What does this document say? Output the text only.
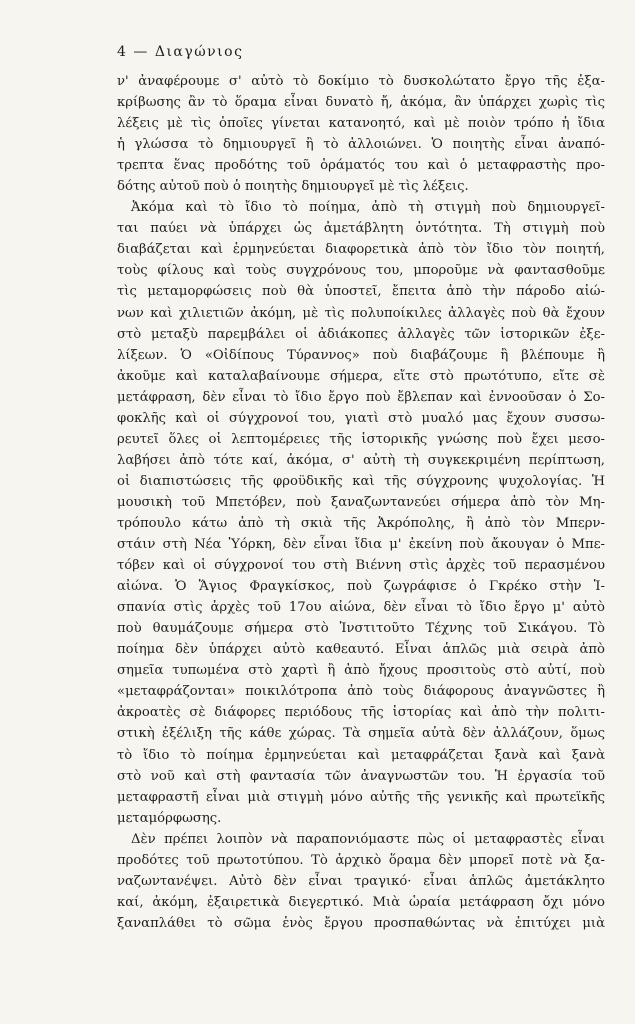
4 — Διαγώνιος
ν' ἀναφέρουμε σ' αὐτὸ τὸ δοκίμιο τὸ δυσκολώτατο ἔργο τῆς ἐξα-
κρίβωσης ἂν τὸ ὅραμα εἶναι δυνατὸ ἤ, ἀκόμα, ἂν ὑπάρχει χωρὶς τὶς
λέξεις μὲ τὶς ὁποῖες γίνεται κατανοητό, καὶ μὲ ποιὸν τρόπο ἡ ἴδια
ἡ γλώσσα τὸ δημιουργεῖ ἢ τὸ ἀλλοιώνει. Ὁ ποιητὴς εἶναι ἀναπό-
τρεπτα ἕνας προδότης τοῦ ὁράματός του καὶ ὁ μεταφραστὴς προ-
δότης αὐτοῦ ποὺ ὁ ποιητὴς δημιουργεῖ μὲ τὶς λέξεις.
Ἀκόμα καὶ τὸ ἴδιο τὸ ποίημα, ἀπὸ τὴ στιγμὴ ποὺ δημιουργεῖ-
ται παύει νὰ ὑπάρχει ὡς ἀμετάβλητη ὀντότητα. Τὴ στιγμὴ ποὺ
διαβάζεται καὶ ἑρμηνεύεται διαφορετικὰ ἀπὸ τὸν ἴδιο τὸν ποιητή,
τοὺς φίλους καὶ τοὺς συγχρόνους του, μποροῦμε νὰ φαντασθοῦμε
τὶς μεταμορφώσεις ποὺ θὰ ὑποστεῖ, ἔπειτα ἀπὸ τὴν πάροδο αἰώ-
νων καὶ χιλιετιῶν ἀκόμη, μὲ τὶς πολυποίκιλες ἀλλαγὲς ποὺ θὰ ἔχουν
στὸ μεταξὺ παρεμβάλει οἱ ἀδιάκοπες ἀλλαγὲς τῶν ἱστορικῶν ἐξε-
λίξεων. Ὁ «Οἰδίπους Τύραννος» ποὺ διαβάζουμε ἢ βλέπουμε ἢ
ἀκοῦμε καὶ καταλαβαίνουμε σήμερα, εἴτε στὸ πρωτότυπο, εἴτε σὲ
μετάφραση, δὲν εἶναι τὸ ἴδιο ἔργο ποὺ ἔβλεπαν καὶ ἐννοοῦσαν ὁ Σο-
φοκλῆς καὶ οἱ σύγχρονοί του, γιατὶ στὸ μυαλό μας ἔχουν συσσω-
ρευτεῖ ὅλες οἱ λεπτομέρειες τῆς ἱστορικῆς γνώσης ποὺ ἔχει μεσο-
λαβήσει ἀπὸ τότε καί, ἀκόμα, σ' αὐτὴ τὴ συγκεκριμένη περίπτωση,
οἱ διαπιστώσεις τῆς φροϋδικῆς καὶ τῆς σύγχρονης ψυχολογίας. Ἡ
μουσικὴ τοῦ Μπετόβεν, ποὺ ξαναζωντανεύει σήμερα ἀπὸ τὸν Μη-
τρόπουλο κάτω ἀπὸ τὴ σκιὰ τῆς Ἀκρόπολης, ἢ ἀπὸ τὸν Μπερν-
στάιν στὴ Νέα Ὑόρκη, δὲν εἶναι ἴδια μ' ἐκείνη ποὺ ἄκουγαν ὁ Μπε-
τόβεν καὶ οἱ σύγχρονοί του στὴ Βιέννη στὶς ἀρχὲς τοῦ περασμένου
αἰώνα. Ὁ Ἅγιος Φραγκίσκος, ποὺ ζωγράφισε ὁ Γκρέκο στὴν Ἱ-
σπανία στὶς ἀρχὲς τοῦ 17ου αἰώνα, δὲν εἶναι τὸ ἴδιο ἔργο μ' αὐτὸ
ποὺ θαυμάζουμε σήμερα στὸ Ἰνστιτοῦτο Τέχνης τοῦ Σικάγου. Τὸ
ποίημα δὲν ὑπάρχει αὐτὸ καθεαυτό. Εἶναι ἁπλῶς μιὰ σειρὰ ἀπὸ
σημεῖα τυπωμένα στὸ χαρτὶ ἢ ἀπὸ ἤχους προσιτοὺς στὸ αὐτί, ποὺ
«μεταφράζονται» ποικιλότροπα ἀπὸ τοὺς διάφορους ἀναγνῶστες ἢ
ἀκροατὲς σὲ διάφορες περιόδους τῆς ἱστορίας καὶ ἀπὸ τὴν πολιτι-
στικὴ ἐξέλιξη τῆς κάθε χώρας. Τὰ σημεῖα αὐτὰ δὲν ἀλλάζουν, ὅμως
τὸ ἴδιο τὸ ποίημα ἑρμηνεύεται καὶ μεταφράζεται ξανὰ καὶ ξανὰ
στὸ νοῦ καὶ στὴ φαντασία τῶν ἀναγνωστῶν του. Ἡ ἐργασία τοῦ
μεταφραστῆ εἶναι μιὰ στιγμὴ μόνο αὐτῆς τῆς γενικῆς καὶ πρωτεϊκῆς
μεταμόρφωσης.
Δὲν πρέπει λοιπὸν νὰ παραπονιόμαστε πὼς οἱ μεταφραστὲς εἶναι
προδότες τοῦ πρωτοτύπου. Τὸ ἀρχικὸ ὅραμα δὲν μπορεῖ ποτὲ νὰ ξα-
ναζωντανέψει. Αὐτὸ δὲν εἶναι τραγικό· εἶναι ἁπλῶς ἀμετάκλητο
καί, ἀκόμη, ἐξαιρετικὰ διεγερτικό. Μιὰ ὡραία μετάφραση ὄχι μόνο
ξαναπλάθει τὸ σῶμα ἑνὸς ἔργου προσπαθώντας νὰ ἐπιτύχει μιὰ
